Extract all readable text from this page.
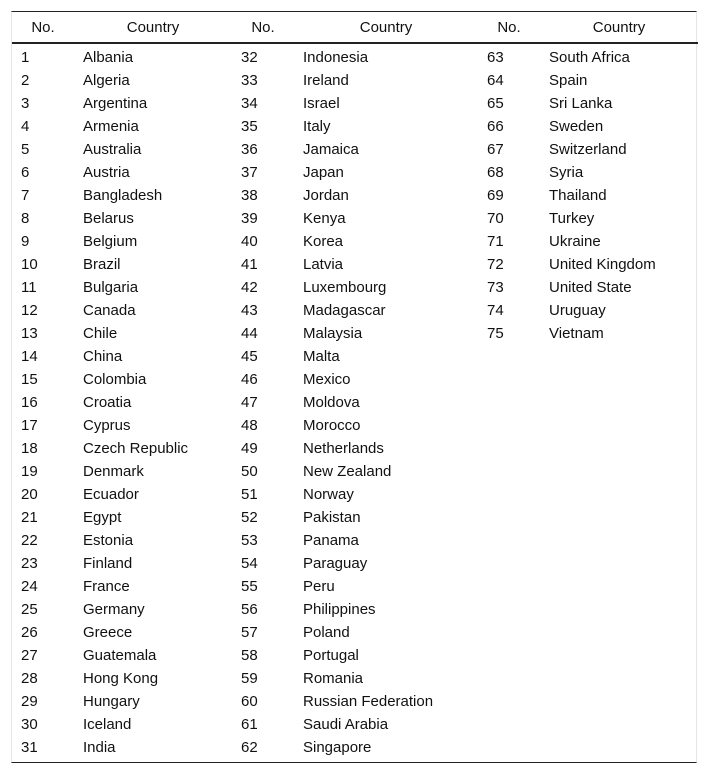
No.	Country	No.	Country	No.	Country
1	Albania	32	Indonesia	63	South Africa
2	Algeria	33	Ireland	64	Spain
3	Argentina	34	Israel	65	Sri Lanka
4	Armenia	35	Italy	66	Sweden
5	Australia	36	Jamaica	67	Switzerland
6	Austria	37	Japan	68	Syria
7	Bangladesh	38	Jordan	69	Thailand
8	Belarus	39	Kenya	70	Turkey
9	Belgium	40	Korea	71	Ukraine
10	Brazil	41	Latvia	72	United Kingdom
11	Bulgaria	42	Luxembourg	73	United State
12	Canada	43	Madagascar	74	Uruguay
13	Chile	44	Malaysia	75	Vietnam
14	China	45	Malta		
15	Colombia	46	Mexico		
16	Croatia	47	Moldova		
17	Cyprus	48	Morocco		
18	Czech Republic	49	Netherlands		
19	Denmark	50	New Zealand		
20	Ecuador	51	Norway		
21	Egypt	52	Pakistan		
22	Estonia	53	Panama		
23	Finland	54	Paraguay		
24	France	55	Peru		
25	Germany	56	Philippines		
26	Greece	57	Poland		
27	Guatemala	58	Portugal		
28	Hong Kong	59	Romania		
29	Hungary	60	Russian Federation		
30	Iceland	61	Saudi Arabia		
31	India	62	Singapore		
